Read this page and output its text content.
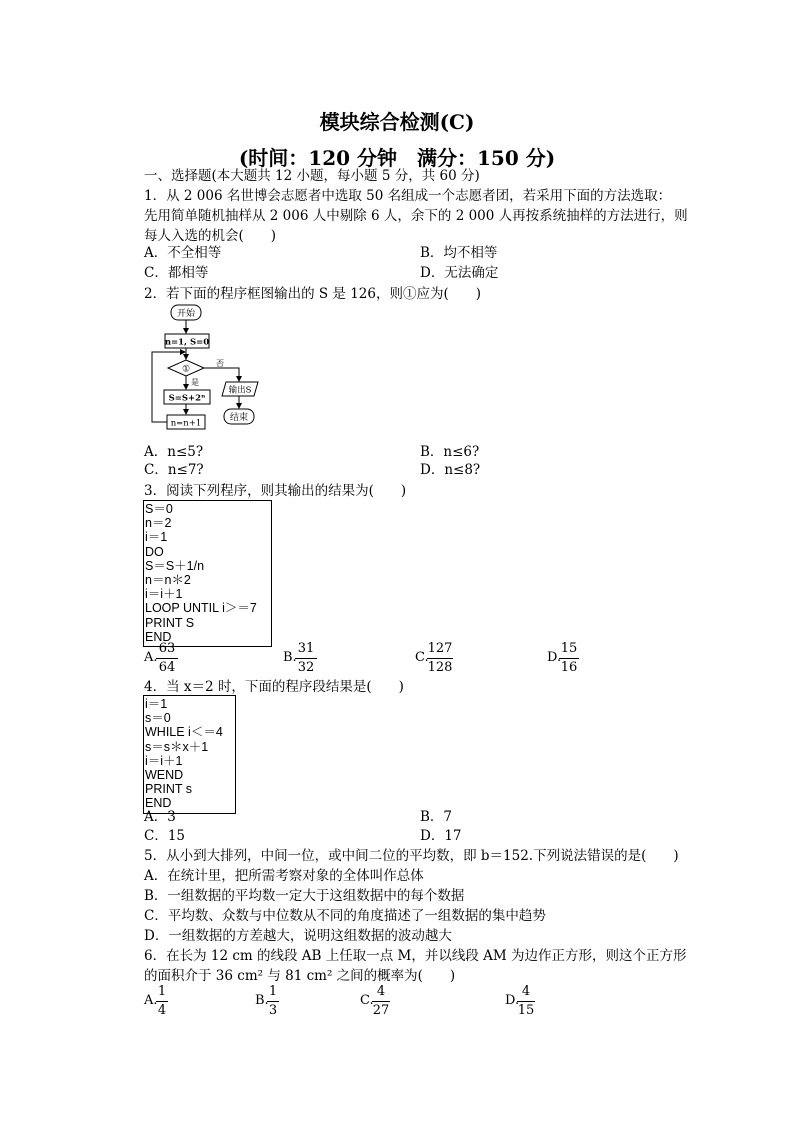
模块综合检测(C)
(时间：120 分钟　满分：150 分)
一、选择题(本大题共 12 小题，每小题 5 分，共 60 分)
1．从 2 006 名世博会志愿者中选取 50 名组成一个志愿者团，若采用下面的方法选取：
先用简单随机抽样从 2 006 人中剔除 6 人，余下的 2 000 人再按系统抽样的方法进行，则
每人入选的机会(　　)
A．不全相等	B．均不相等
C．都相等	D．无法确定
2．若下面的程序框图输出的 S 是 126，则①应为(　　)
开始
n=1, S=0
①
否
是
S=S+2ⁿ
输出S
结束
n=n+1
A．n≤5?	B．n≤6?
C．n≤7?	D．n≤8?
3．阅读下列程序，则其输出的结果为(　　)
S＝0
n＝2
i＝1
DO
S＝S＋1/n
n＝n＊2
i＝i＋1
LOOP UNTIL i＞＝7
PRINT S
END
A.
63
64
B.
31
32
C.
127
128
D.
15
16
4．当 x＝2 时，下面的程序段结果是(　　)
i＝1
s＝0
WHILE i＜＝4
s＝s＊x＋1
i＝i＋1
WEND
PRINT s
END
A．3	B．7
C．15	D．17
5．从小到大排列，中间一位，或中间二位的平均数，即 b＝152.下列说法错误的是(　　)
A．在统计里，把所需考察对象的全体叫作总体
B．一组数据的平均数一定大于这组数据中的每个数据
C．平均数、众数与中位数从不同的角度描述了一组数据的集中趋势
D．一组数据的方差越大，说明这组数据的波动越大
6．在长为 12 cm 的线段 AB 上任取一点 M，并以线段 AM 为边作正方形，则这个正方形
的面积介于 36 cm² 与 81 cm² 之间的概率为(　　)
A.
1
4
B.
1
3
C.
4
27
D.
4
15
